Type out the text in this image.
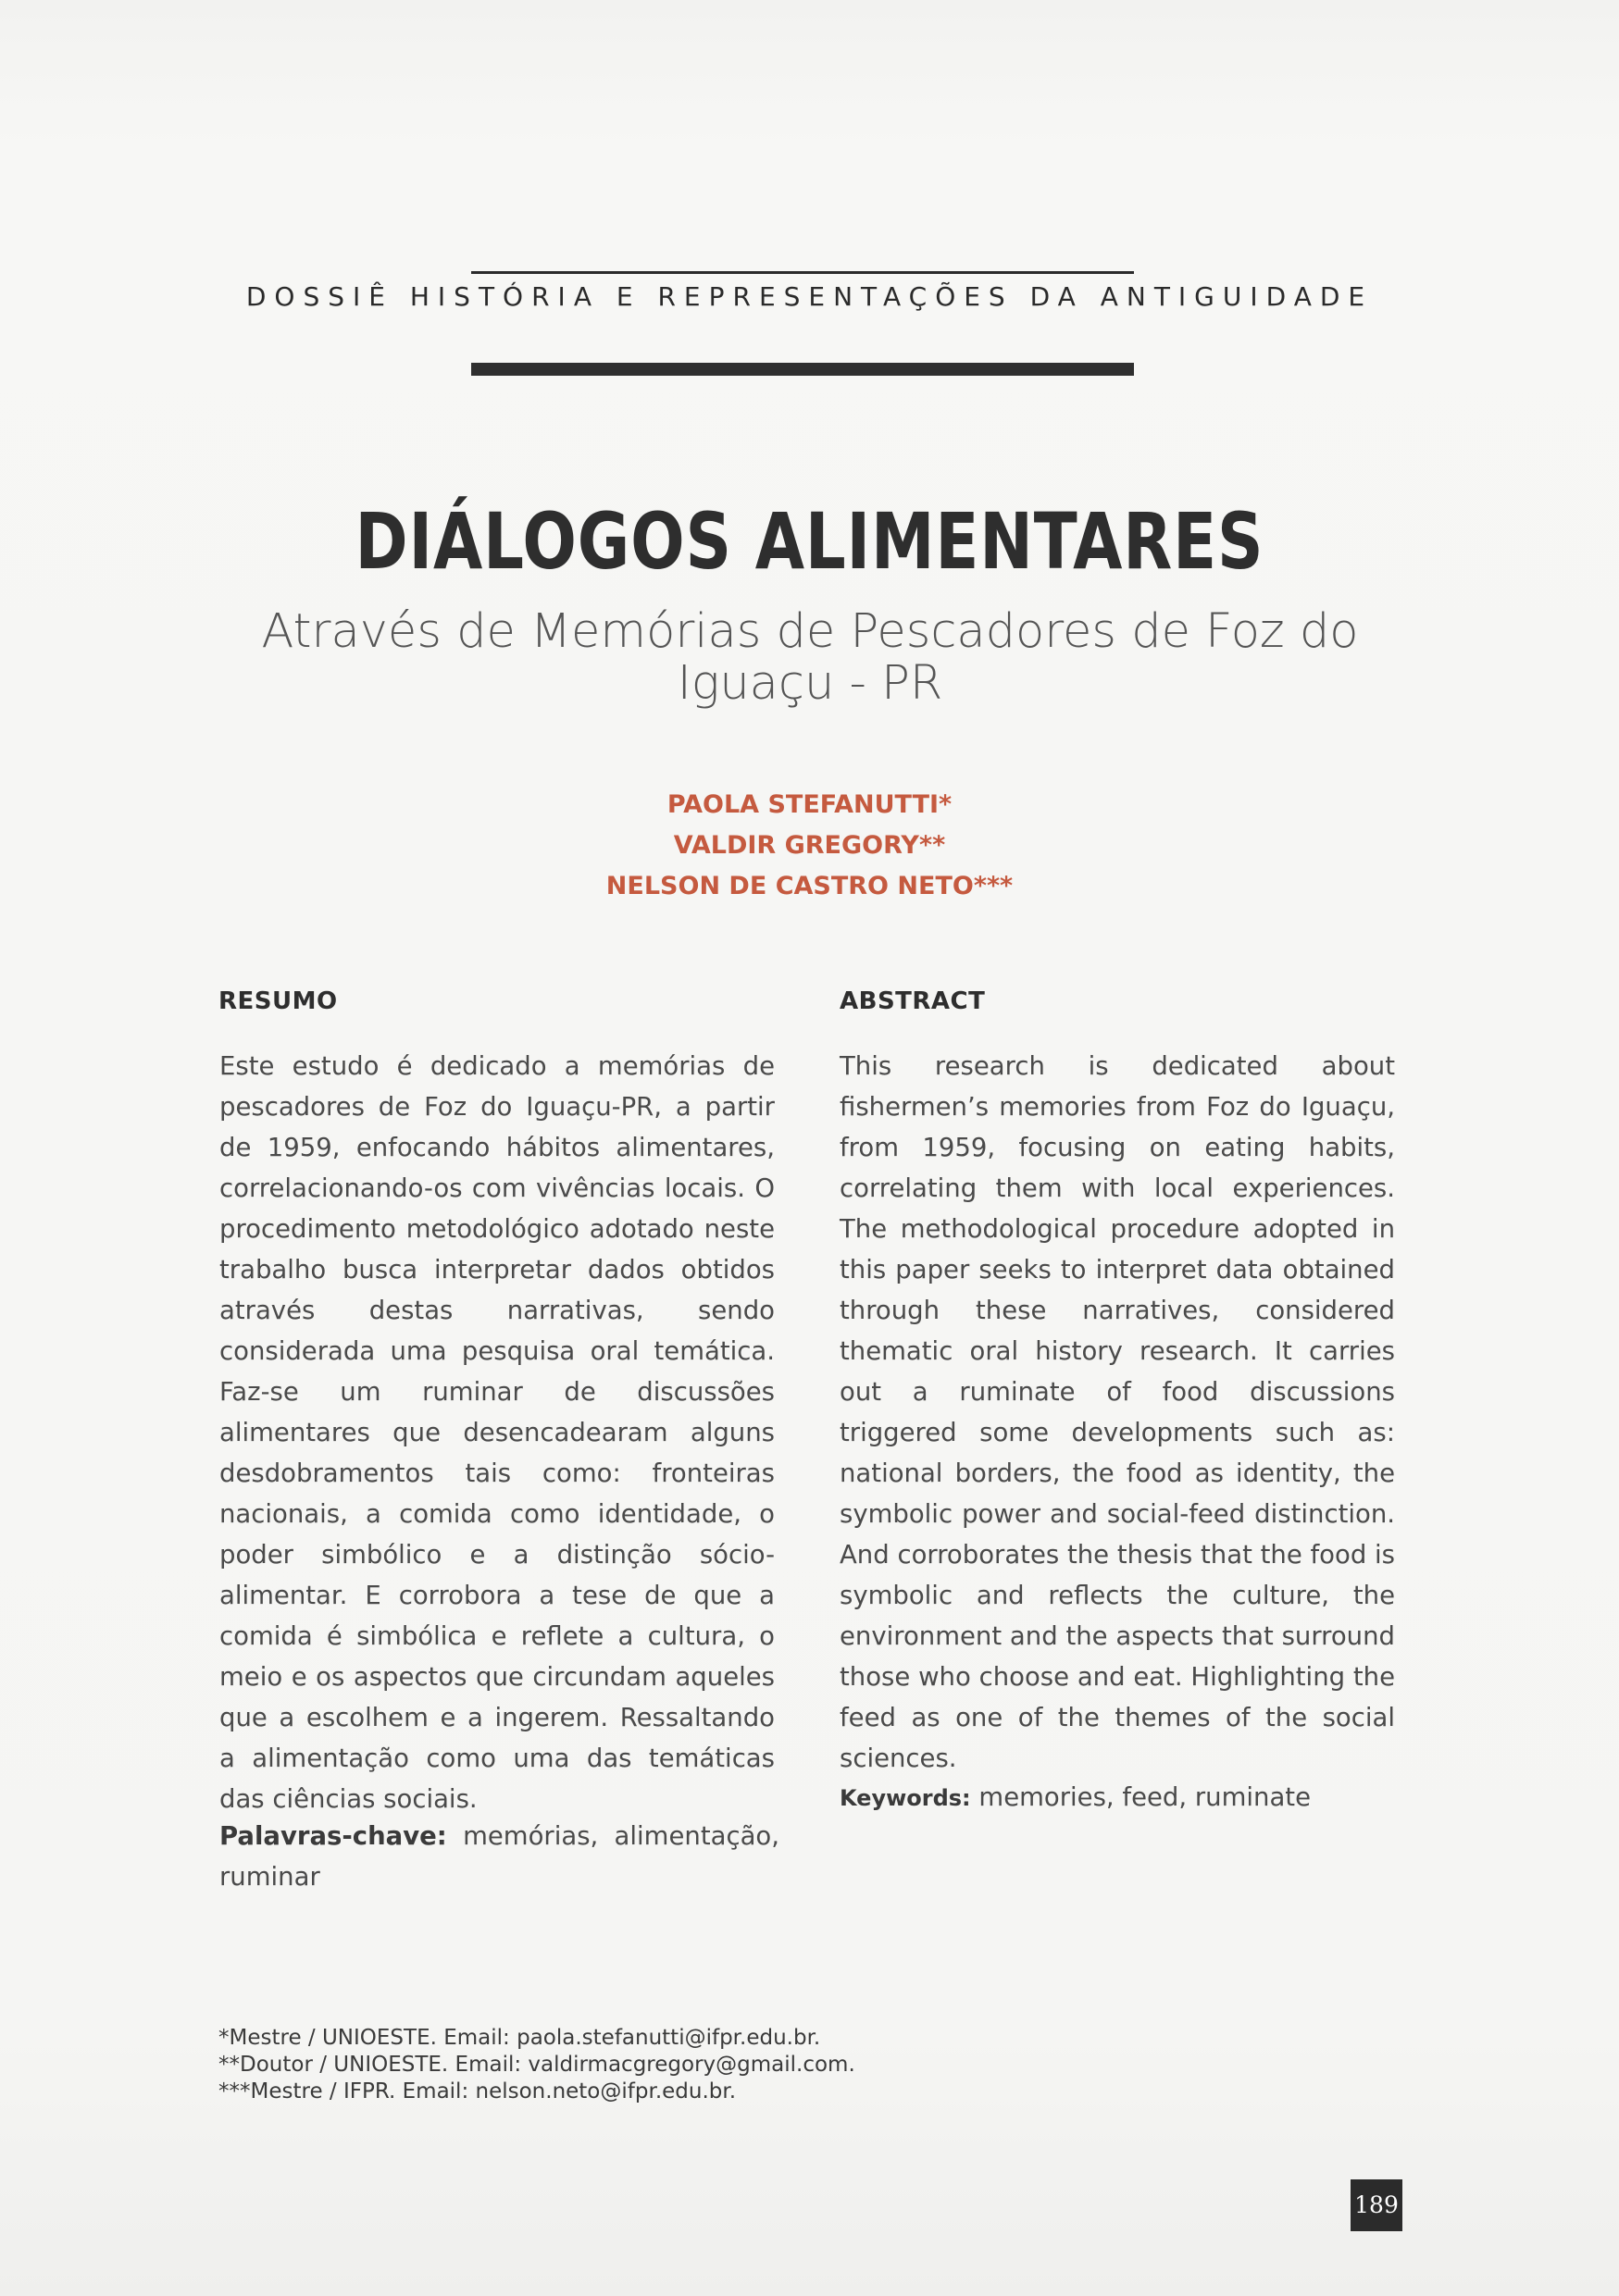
DOSSIÊ HISTÓRIA E REPRESENTAÇÕES DA ANTIGUIDADE
DIÁLOGOS ALIMENTARES
Através de Memórias de Pescadores de Foz do Iguaçu - PR
PAOLA STEFANUTTI*
VALDIR GREGORY**
NELSON DE CASTRO NETO***
RESUMO
Este estudo é dedicado a memórias de pescadores de Foz do Iguaçu-PR, a partir de 1959, enfocando hábitos alimentares, correlacionando-os com vivências locais. O procedimento metodológico adotado neste trabalho busca interpretar dados obtidos através destas narrativas, sendo considerada uma pesquisa oral temática. Faz-se um ruminar de discussões alimentares que desencadearam alguns desdobramentos tais como: fronteiras nacionais, a comida como identidade, o poder simbólico e a distinção sócio-alimentar. E corrobora a tese de que a comida é simbólica e reflete a cultura, o meio e os aspectos que circundam aqueles que a escolhem e a ingerem. Ressaltando a alimentação como uma das temáticas das ciências sociais.
Palavras-chave: memórias, alimentação, ruminar
ABSTRACT
This research is dedicated about fishermen’s memories from Foz do Iguaçu, from 1959, focusing on eating habits, correlating them with local experiences. The methodological procedure adopted in this paper seeks to interpret data obtained through these narratives, considered thematic oral history research. It carries out a ruminate of food discussions triggered some developments such as: national borders, the food as identity, the symbolic power and social-feed distinction. And corroborates the thesis that the food is symbolic and reflects the culture, the environment and the aspects that surround those who choose and eat. Highlighting the feed as one of the themes of the social sciences.
Keywords: memories, feed, ruminate
*Mestre / UNIOESTE. Email: paola.stefanutti@ifpr.edu.br.
**Doutor / UNIOESTE. Email: valdirmacgregory@gmail.com.
***Mestre / IFPR. Email: nelson.neto@ifpr.edu.br.
189
